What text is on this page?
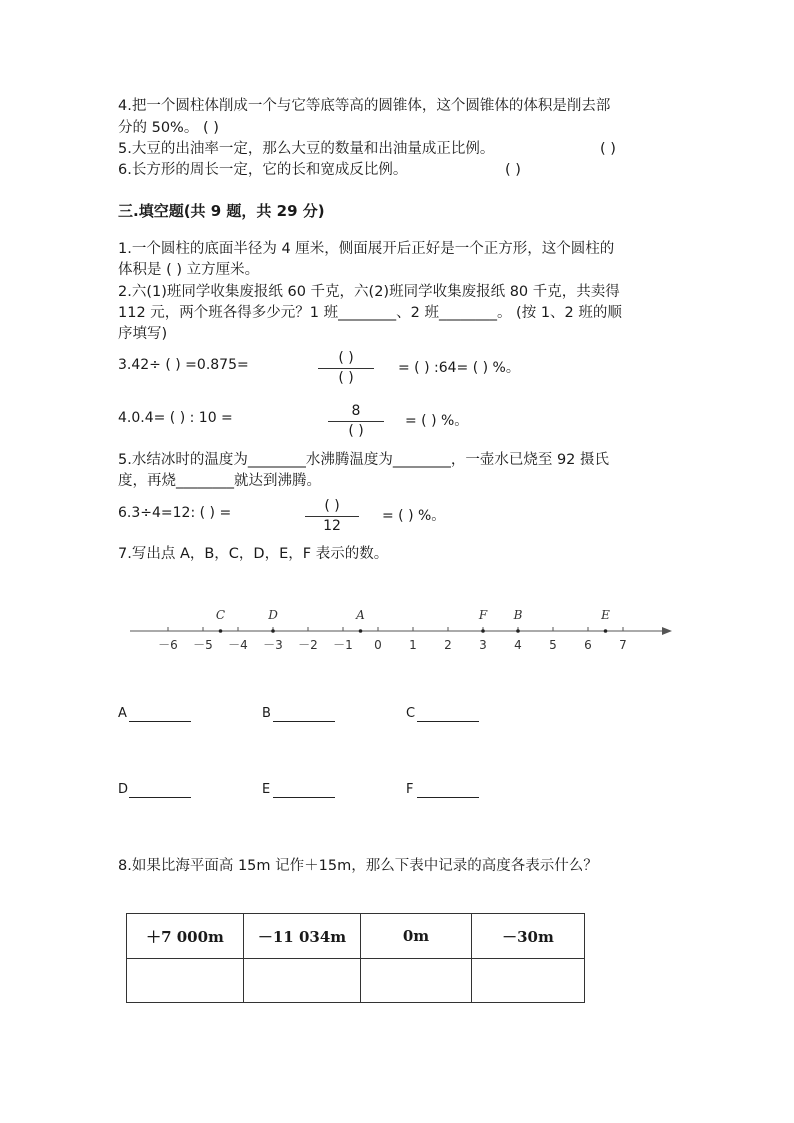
4.把一个圆柱体削成一个与它等底等高的圆锥体，这个圆锥体的体积是削去部
分的 50%。 ( )
5.大豆的出油率一定，那么大豆的数量和出油量成正比例。	( )
6.长方形的周长一定，它的长和宽成反比例。	( )
三.填空题(共 9 题，共 29 分)
1.一个圆柱的底面半径为 4 厘米，侧面展开后正好是一个正方形，这个圆柱的
体积是 ( ) 立方厘米。
2.六(1)班同学收集废报纸 60 千克，六(2)班同学收集废报纸 80 千克，共卖得
112 元，两个班各得多少元？1 班________、2 班________。 (按 1、2 班的顺
序填写)
3.42÷ ( ) =0.875=	( )
( )
= ( ) :64= ( ) %。
4.0.4= ( ) : 10 =	8
( )
= ( ) %。
5.水结冰时的温度为________水沸腾温度为________，一壶水已烧至 92 摄氏
度，再烧________就达到沸腾。
6.3÷4=12: ( ) =	( )
12
= ( ) %。
7.写出点 A，B，C，D，E，F 表示的数。
－6 －5 －4 －3 －2 －1 0 1 2 3 4 5 6 7
C	D	A	F B	E
A	B	C
D	E	F
8.如果比海平面高 15m 记作＋15m，那么下表中记录的高度各表示什么？
＋7 000m	－11 034m	0m	－30m
